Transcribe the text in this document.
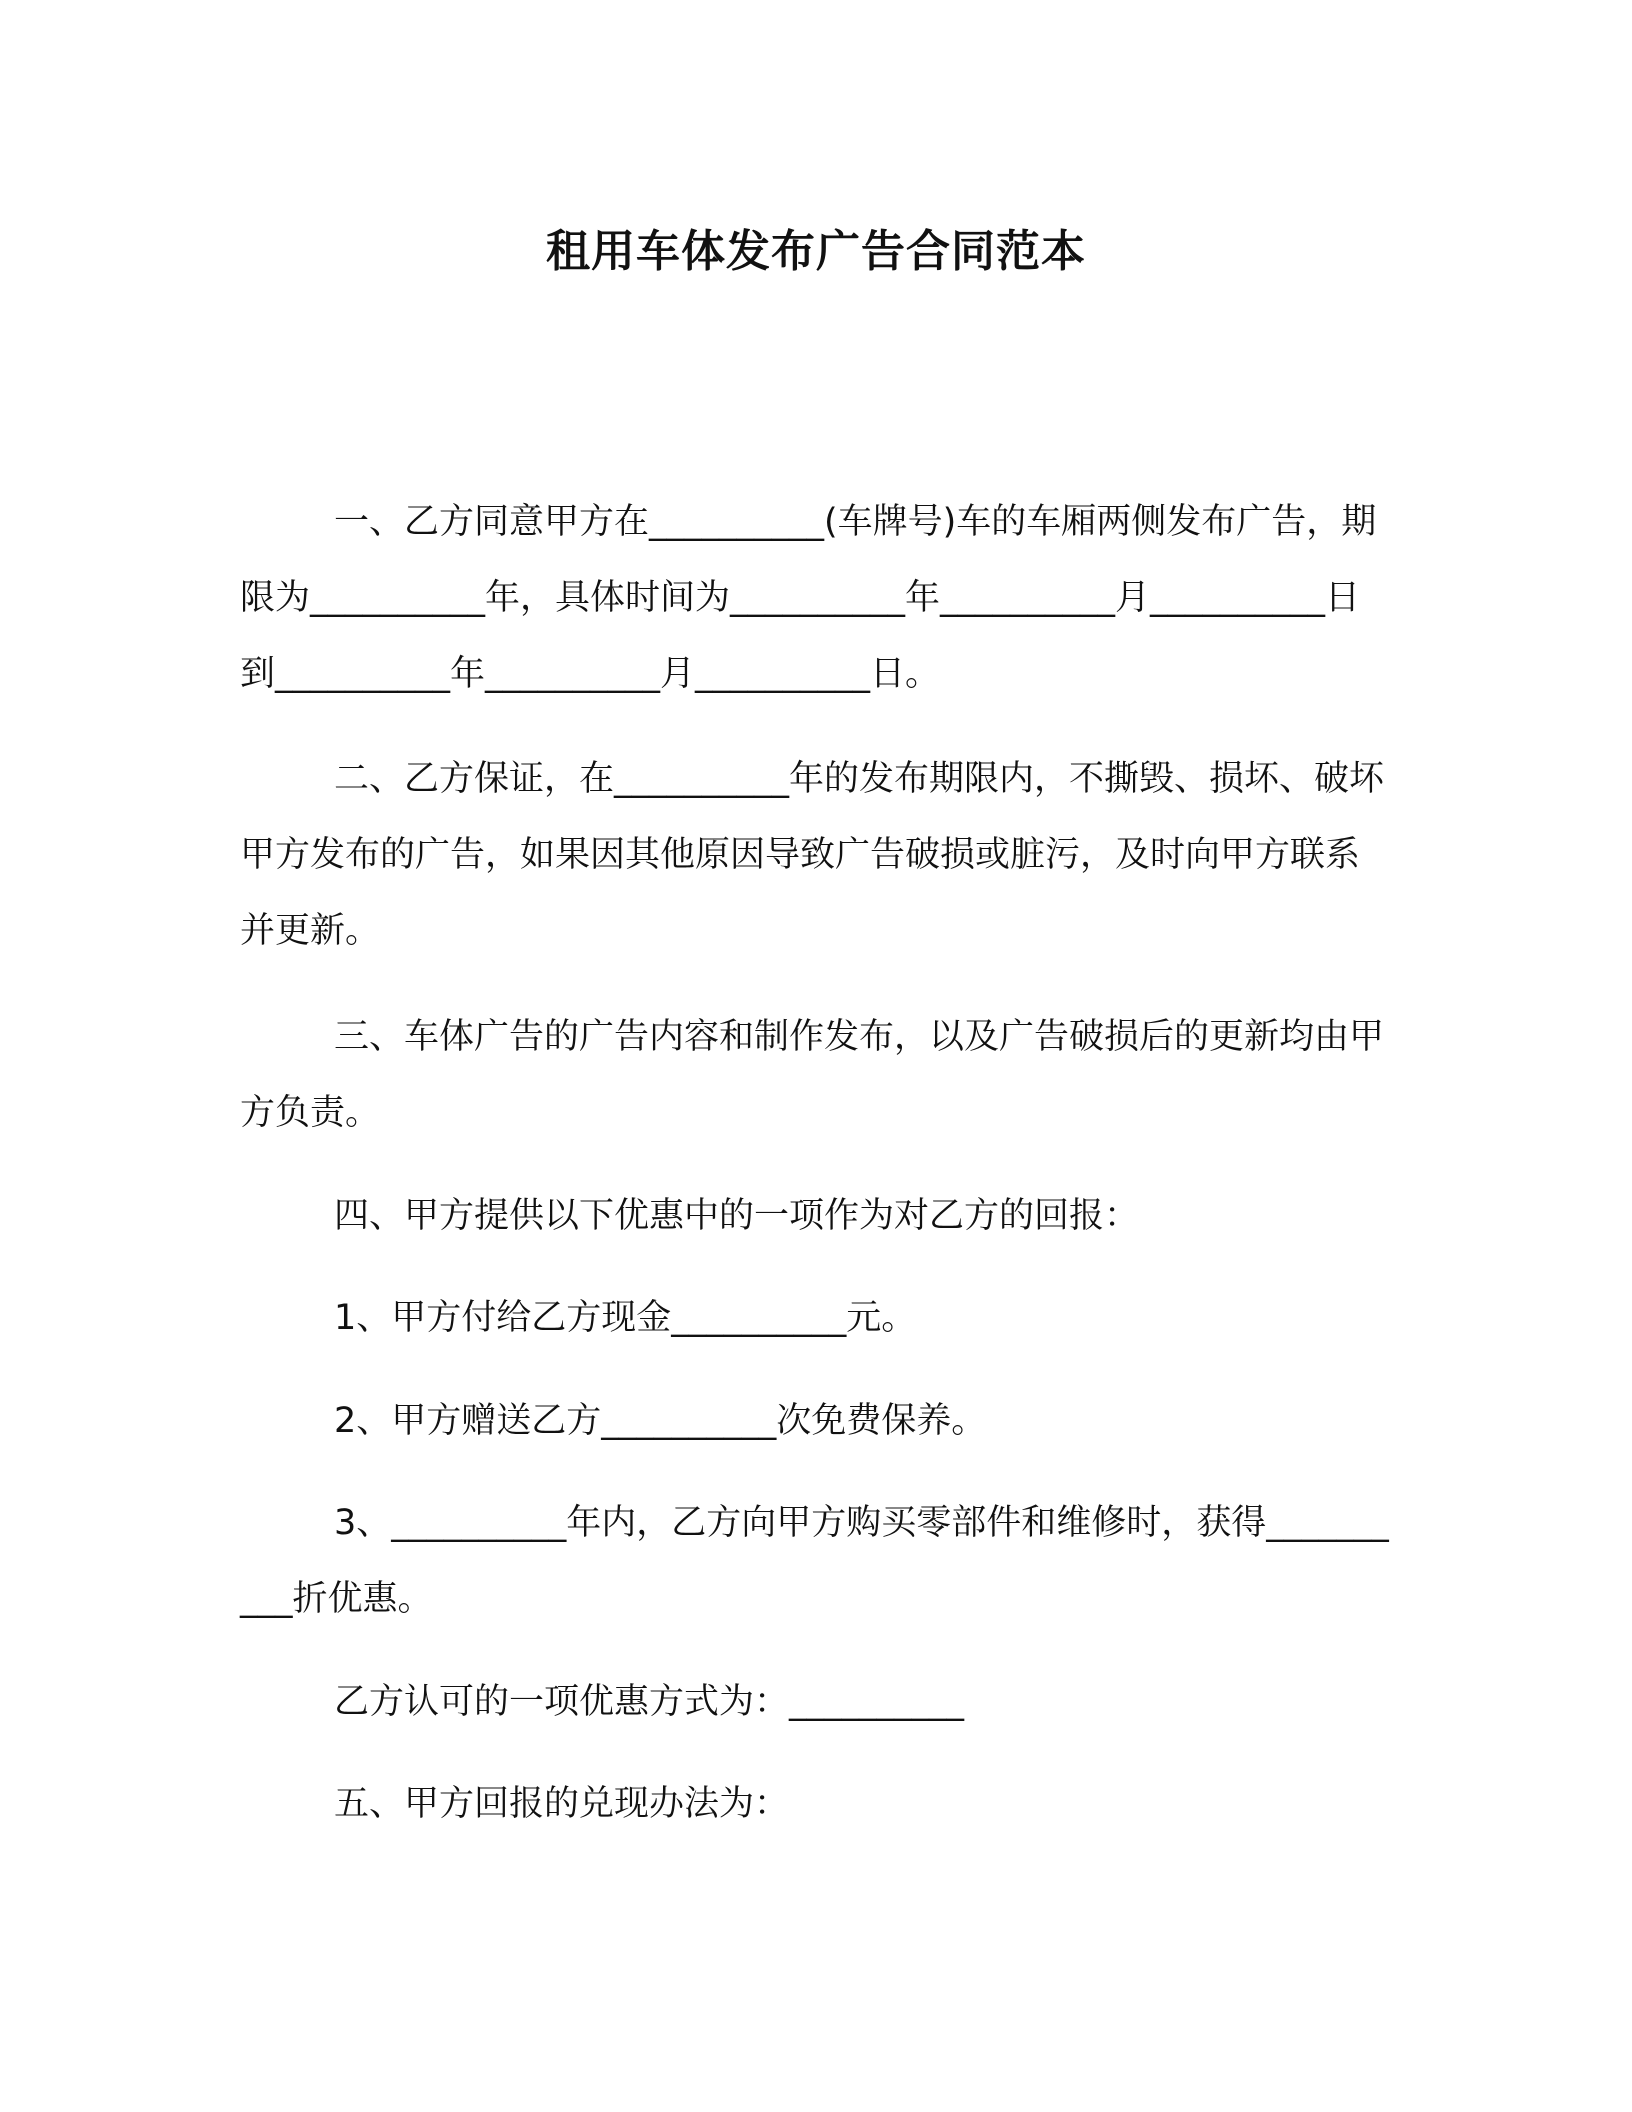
租用车体发布广告合同范本

一、乙方同意甲方在__________(车牌号)车的车厢两侧发布广告，期限为__________年，具体时间为__________年__________月__________日到__________年__________月__________日。

二、乙方保证，在__________年的发布期限内，不撕毁、损坏、破坏甲方发布的广告，如果因其他原因导致广告破损或脏污，及时向甲方联系并更新。

三、车体广告的广告内容和制作发布，以及广告破损后的更新均由甲方负责。

四、甲方提供以下优惠中的一项作为对乙方的回报：

1、甲方付给乙方现金__________元。

2、甲方赠送乙方__________次免费保养。

3、__________年内，乙方向甲方购买零部件和维修时，获得__________折优惠。

乙方认可的一项优惠方式为：__________

五、甲方回报的兑现办法为：
